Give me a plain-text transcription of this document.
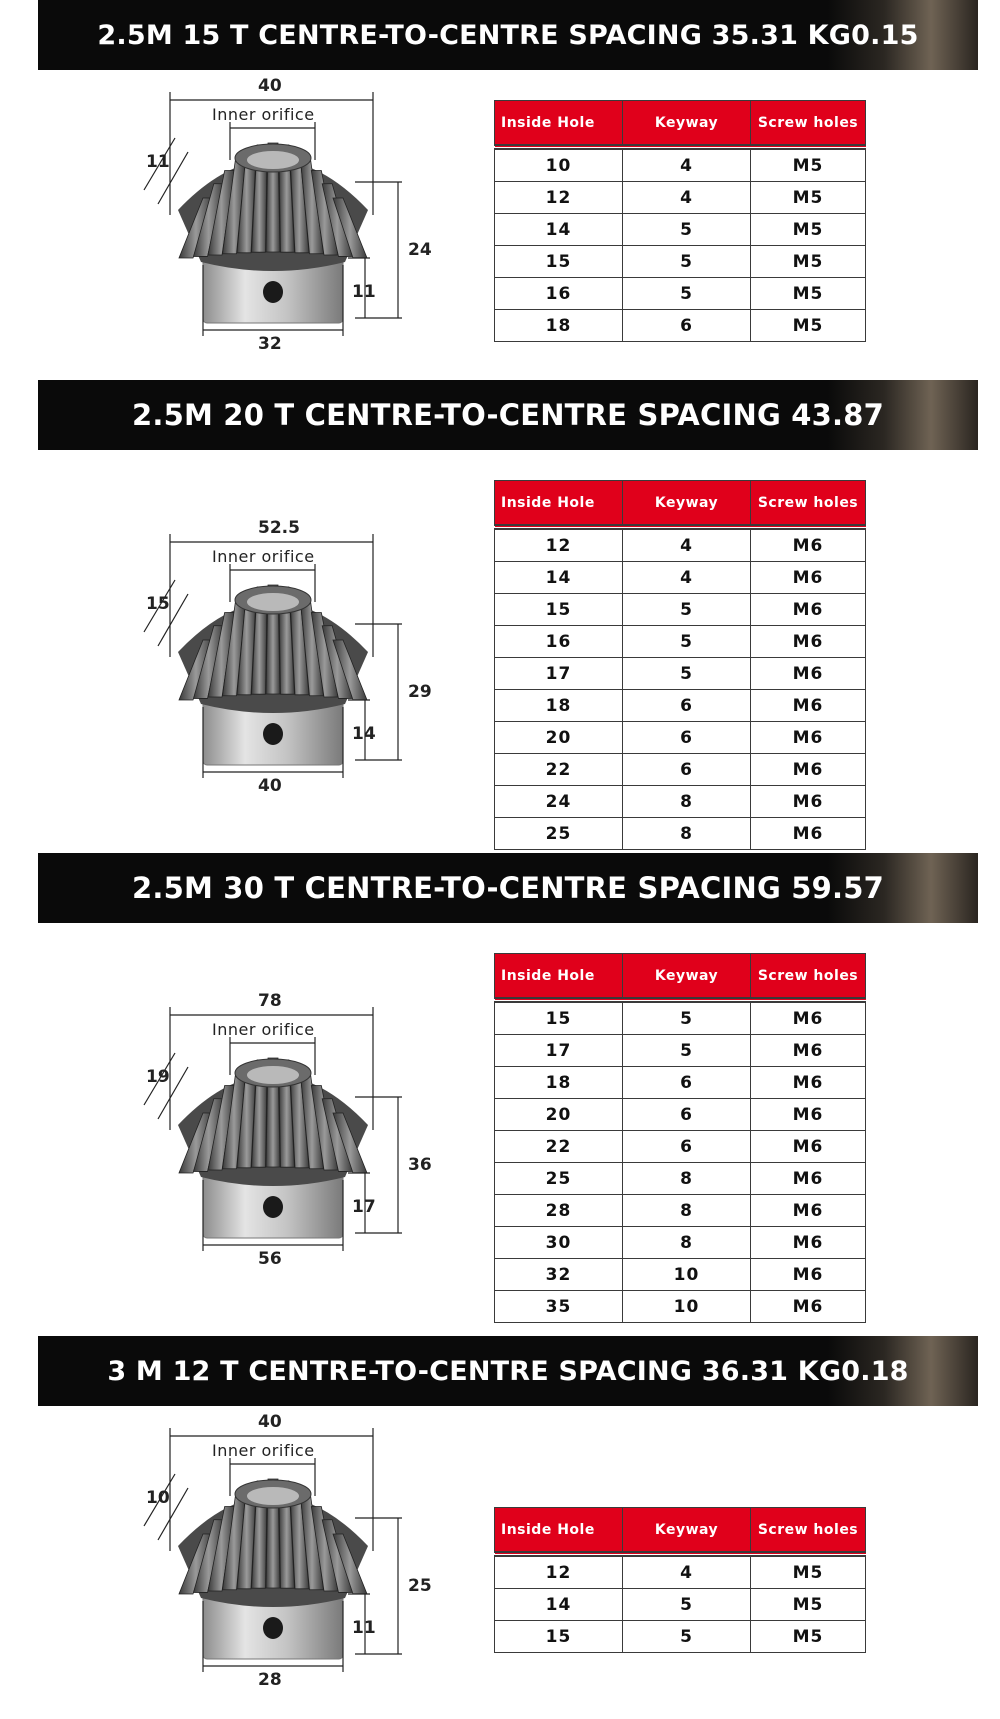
2.5M 15 T CENTRE-TO-CENTRE SPACING 35.31 KG0.15
40
Inner orifice
11
24
11
32
Inside Hole	Keyway	Screw holes
10	4	M5
12	4	M5
14	5	M5
15	5	M5
16	5	M5
18	6	M5
2.5M 20 T CENTRE-TO-CENTRE SPACING 43.87
52.5
Inner orifice
15
29
14
40
Inside Hole	Keyway	Screw holes
12	4	M6
14	4	M6
15	5	M6
16	5	M6
17	5	M6
18	6	M6
20	6	M6
22	6	M6
24	8	M6
25	8	M6
2.5M 30 T CENTRE-TO-CENTRE SPACING 59.57
78
Inner orifice
19
36
17
56
Inside Hole	Keyway	Screw holes
15	5	M6
17	5	M6
18	6	M6
20	6	M6
22	6	M6
25	8	M6
28	8	M6
30	8	M6
32	10	M6
35	10	M6
3 M 12 T CENTRE-TO-CENTRE SPACING 36.31 KG0.18
40
Inner orifice
10
25
11
28
Inside Hole	Keyway	Screw holes
12	4	M5
14	5	M5
15	5	M5
